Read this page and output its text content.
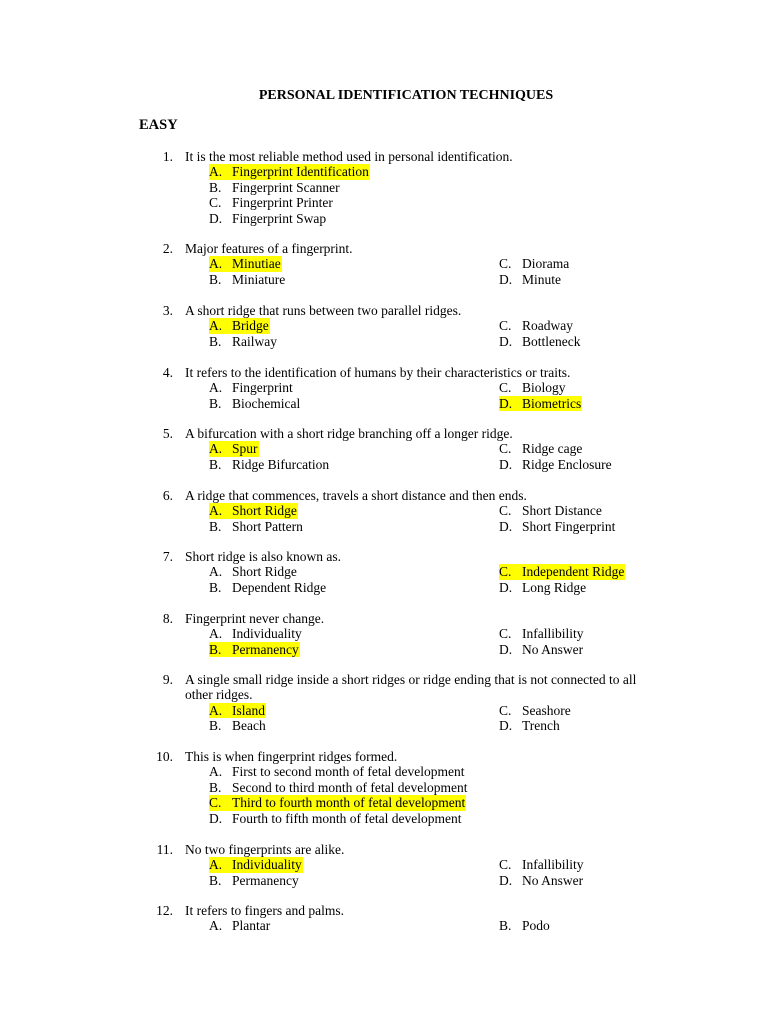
PERSONAL IDENTIFICATION TECHNIQUES
EASY
1. It is the most reliable method used in personal identification.
A. Fingerprint Identification
B. Fingerprint Scanner
C. Fingerprint Printer
D. Fingerprint Swap
2. Major features of a fingerprint.
A. Minutiae	C. Diorama
B. Miniature	D. Minute
3. A short ridge that runs between two parallel ridges.
A. Bridge	C. Roadway
B. Railway	D. Bottleneck
4. It refers to the identification of humans by their characteristics or traits.
A. Fingerprint	C. Biology
B. Biochemical	D. Biometrics
5. A bifurcation with a short ridge branching off a longer ridge.
A. Spur	C. Ridge cage
B. Ridge Bifurcation	D. Ridge Enclosure
6. A ridge that commences, travels a short distance and then ends.
A. Short Ridge	C. Short Distance
B. Short Pattern	D. Short Fingerprint
7. Short ridge is also known as.
A. Short Ridge	C. Independent Ridge
B. Dependent Ridge	D. Long Ridge
8. Fingerprint never change.
A. Individuality	C. Infallibility
B. Permanency	D. No Answer
9. A single small ridge inside a short ridges or ridge ending that is not connected to all
other ridges.
A. Island	C. Seashore
B. Beach	D. Trench
10. This is when fingerprint ridges formed.
A. First to second month of fetal development
B. Second to third month of fetal development
C. Third to fourth month of fetal development
D. Fourth to fifth month of fetal development
11. No two fingerprints are alike.
A. Individuality	C. Infallibility
B. Permanency	D. No Answer
12. It refers to fingers and palms.
A. Plantar	B. Podo
